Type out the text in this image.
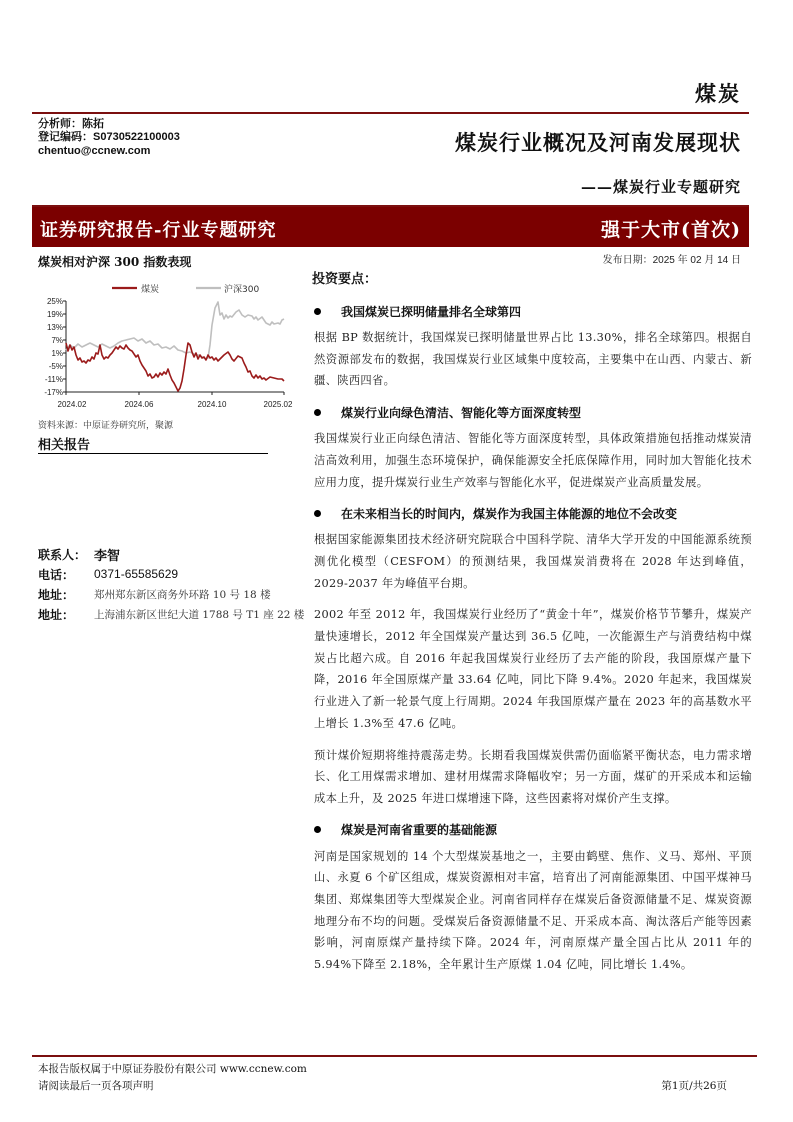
煤炭
分析师：陈拓
登记编码：S0730522100003
chentuo@ccnew.com	煤炭行业概况及河南发展现状
——煤炭行业专题研究
证券研究报告-行业专题研究	强于大市(首次)
发布日期：2025 年 02 月 14 日
煤炭相对沪深 300 指数表现
煤炭	沪深300
25%
19%
13%
7%
1%
-5%
-11%
-17%
2024.02	2024.06	2024.10	2025.02
资料来源：中原证券研究所，聚源
相关报告
联系人： 李智
电话：	0371-65585629
地址：	郑州郑东新区商务外环路 10 号 18 楼
地址：	上海浦东新区世纪大道 1788 号 T1 座 22 楼
投资要点：
我国煤炭已探明储量排名全球第四

根据 BP 数据统计，我国煤炭已探明储量世界占比 13.30%，排名全球第四。根据自然资源部发布的数据，我国煤炭行业区域集中度较高，主要集中在山西、内蒙古、新疆、陕西四省。

煤炭行业向绿色清洁、智能化等方面深度转型

我国煤炭行业正向绿色清洁、智能化等方面深度转型，具体政策措施包括推动煤炭清洁高效利用，加强生态环境保护，确保能源安全托底保障作用，同时加大智能化技术应用力度，提升煤炭行业生产效率与智能化水平，促进煤炭产业高质量发展。

在未来相当长的时间内，煤炭作为我国主体能源的地位不会改变

根据国家能源集团技术经济研究院联合中国科学院、清华大学开发的中国能源系统预测优化模型（CESFOM）的预测结果，我国煤炭消费将在 2028 年达到峰值，2029-2037 年为峰值平台期。

2002 年至 2012 年，我国煤炭行业经历了“黄金十年”，煤炭价格节节攀升，煤炭产量快速增长，2012 年全国煤炭产量达到 36.5 亿吨，一次能源生产与消费结构中煤炭占比超六成。自 2016 年起我国煤炭行业经历了去产能的阶段，我国原煤产量下降，2016 年全国原煤产量 33.64 亿吨，同比下降 9.4%。2020 年起来，我国煤炭行业进入了新一轮景气度上行周期。2024 年我国原煤产量在 2023 年的高基数水平上增长 1.3%至 47.6 亿吨。

预计煤价短期将维持震荡走势。长期看我国煤炭供需仍面临紧平衡状态，电力需求增长、化工用煤需求增加、建材用煤需求降幅收窄；另一方面，煤矿的开采成本和运输成本上升，及 2025 年进口煤增速下降，这些因素将对煤价产生支撑。

煤炭是河南省重要的基础能源

河南是国家规划的 14 个大型煤炭基地之一，主要由鹤壁、焦作、义马、郑州、平顶山、永夏 6 个矿区组成，煤炭资源相对丰富，培育出了河南能源集团、中国平煤神马集团、郑煤集团等大型煤炭企业。河南省同样存在煤炭后备资源储量不足、煤炭资源地理分布不均的问题。受煤炭后备资源储量不足、开采成本高、淘汰落后产能等因素影响，河南原煤产量持续下降。2024 年，河南原煤产量全国占比从 2011 年的 5.94%下降至 2.18%，全年累计生产原煤 1.04 亿吨，同比增长 1.4%。

本报告版权属于中原证券股份有限公司 www.ccnew.com
请阅读最后一页各项声明	第1页/共26页
